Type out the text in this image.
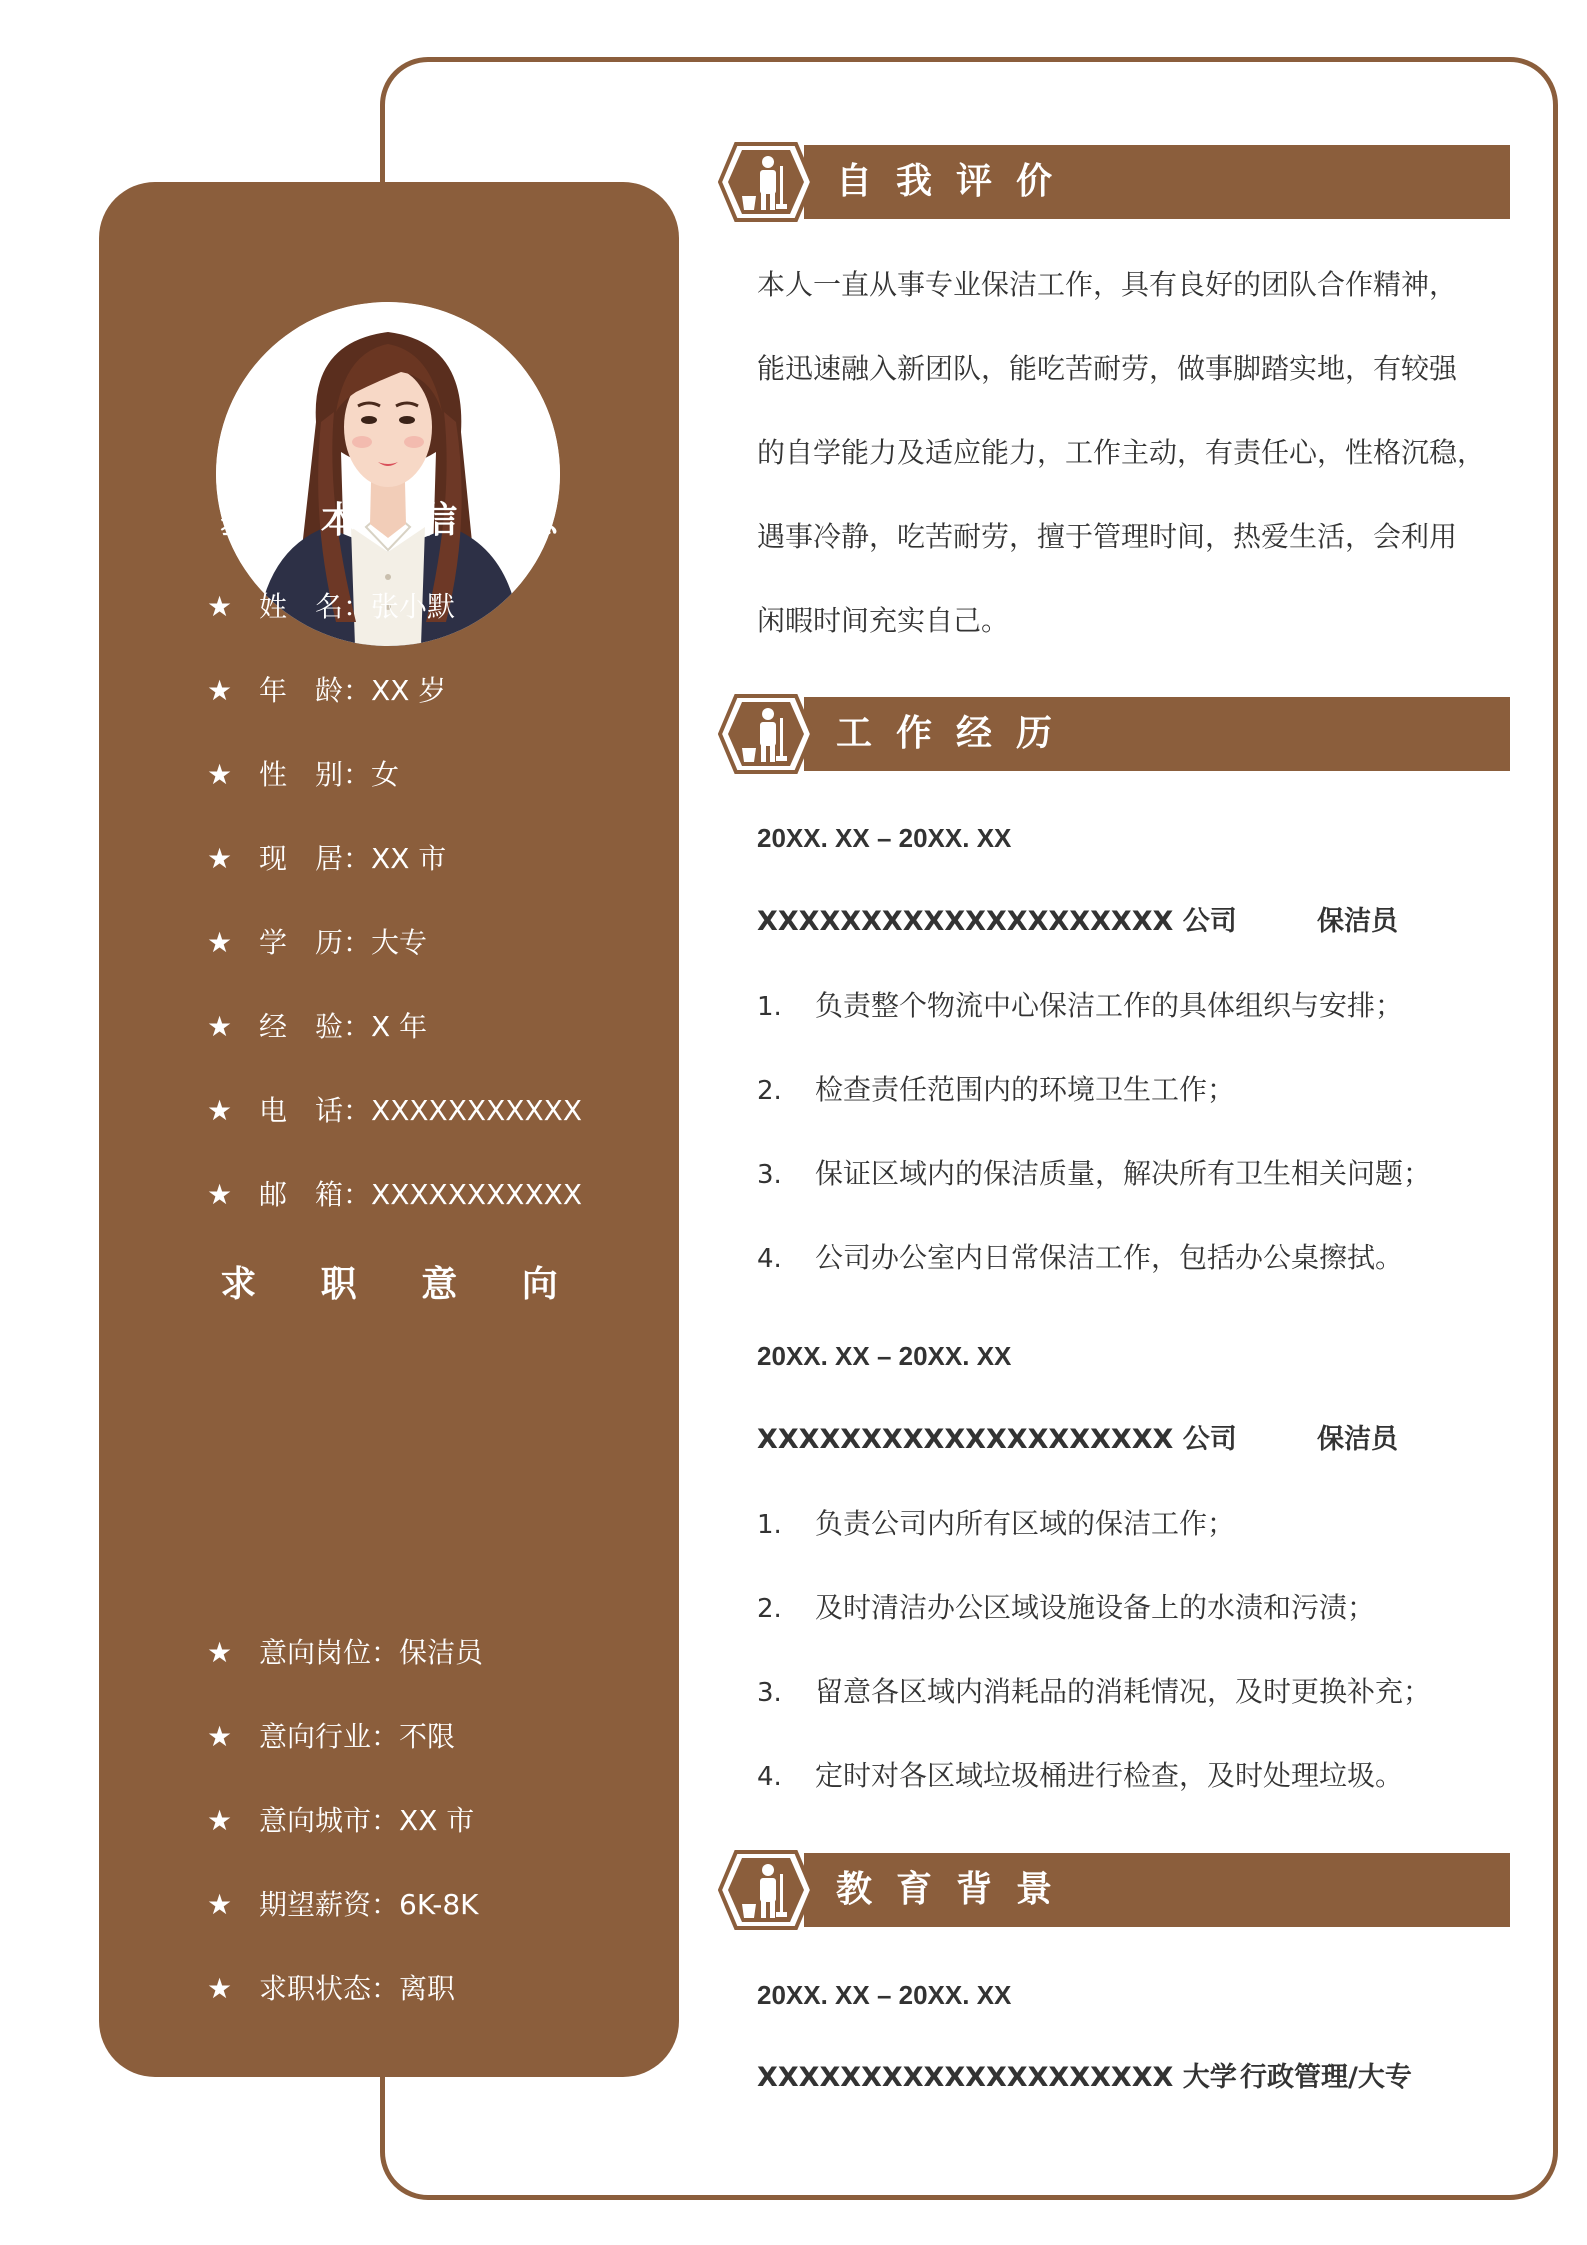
基 本 信 息
★ 姓　名：张小默
★ 年　龄：XX 岁
★ 性　别：女
★ 现　居：XX 市
★ 学　历：大专
★ 经　验：X 年
★ 电　话：XXXXXXXXXXX
★ 邮　箱：XXXXXXXXXXX
求 职 意 向
★ 意向岗位：保洁员
★ 意向行业：不限
★ 意向城市：XX 市
★ 期望薪资：6K-8K
★ 求职状态：离职
自我评价
本人一直从事专业保洁工作，具有良好的团队合作精神，
能迅速融入新团队，能吃苦耐劳，做事脚踏实地，有较强
的自学能力及适应能力，工作主动，有责任心，性格沉稳，
遇事冷静，吃苦耐劳，擅于管理时间，热爱生活，会利用
闲暇时间充实自己。
工作经历
20XX. XX – 20XX. XX
XXXXXXXXXXXXXXXXXXXX 公司	保洁员
1. 负责整个物流中心保洁工作的具体组织与安排；
2. 检查责任范围内的环境卫生工作；
3. 保证区域内的保洁质量，解决所有卫生相关问题；
4. 公司办公室内日常保洁工作，包括办公桌擦拭。
20XX. XX – 20XX. XX
XXXXXXXXXXXXXXXXXXXX 公司	保洁员
1. 负责公司内所有区域的保洁工作；
2. 及时清洁办公区域设施设备上的水渍和污渍；
3. 留意各区域内消耗品的消耗情况，及时更换补充；
4. 定时对各区域垃圾桶进行检查，及时处理垃圾。
教育背景
20XX. XX – 20XX. XX
XXXXXXXXXXXXXXXXXXXX 大学 行政管理/大专
